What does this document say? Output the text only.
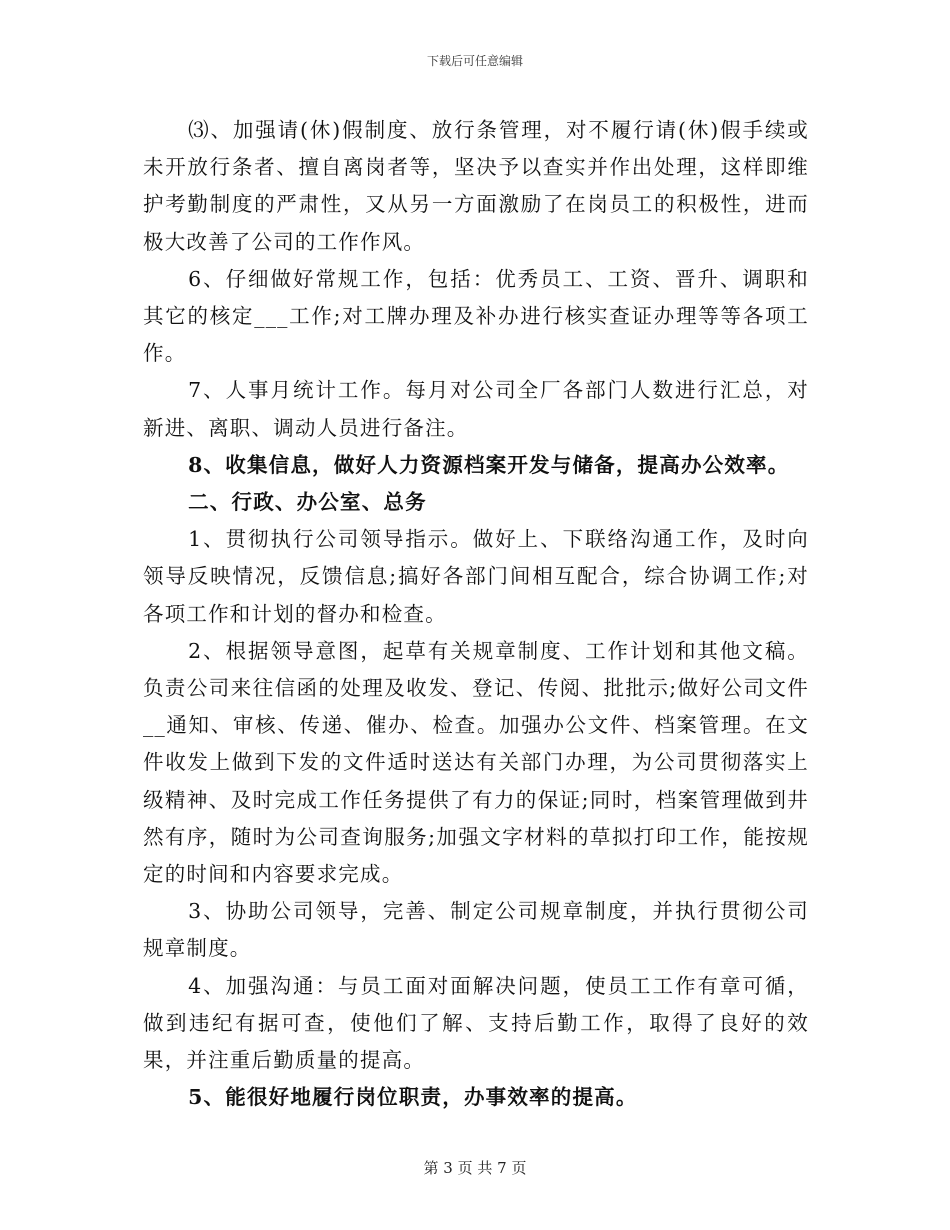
下载后可任意编辑

⑶、加强请(休)假制度、放行条管理，对不履行请(休)假手续或未开放行条者、擅自离岗者等，坚决予以查实并作出处理，这样即维护考勤制度的严肃性，又从另一方面激励了在岗员工的积极性，进而极大改善了公司的工作作风。

6、仔细做好常规工作，包括：优秀员工、工资、晋升、调职和其它的核定___工作;对工牌办理及补办进行核实查证办理等等各项工作。

7、人事月统计工作。每月对公司全厂各部门人数进行汇总，对新进、离职、调动人员进行备注。

8、收集信息，做好人力资源档案开发与储备，提高办公效率。

二、行政、办公室、总务

1、贯彻执行公司领导指示。做好上、下联络沟通工作，及时向领导反映情况，反馈信息;搞好各部门间相互配合，综合协调工作;对各项工作和计划的督办和检查。

2、根据领导意图，起草有关规章制度、工作计划和其他文稿。负责公司来往信函的处理及收发、登记、传阅、批批示;做好公司文件__通知、审核、传递、催办、检查。加强办公文件、档案管理。在文件收发上做到下发的文件适时送达有关部门办理，为公司贯彻落实上级精神、及时完成工作任务提供了有力的保证;同时，档案管理做到井然有序，随时为公司查询服务;加强文字材料的草拟打印工作，能按规定的时间和内容要求完成。

3、协助公司领导，完善、制定公司规章制度，并执行贯彻公司规章制度。

4、加强沟通：与员工面对面解决问题，使员工工作有章可循，做到违纪有据可查，使他们了解、支持后勤工作，取得了良好的效果，并注重后勤质量的提高。

5、能很好地履行岗位职责，办事效率的提高。

第 3 页 共 7 页
